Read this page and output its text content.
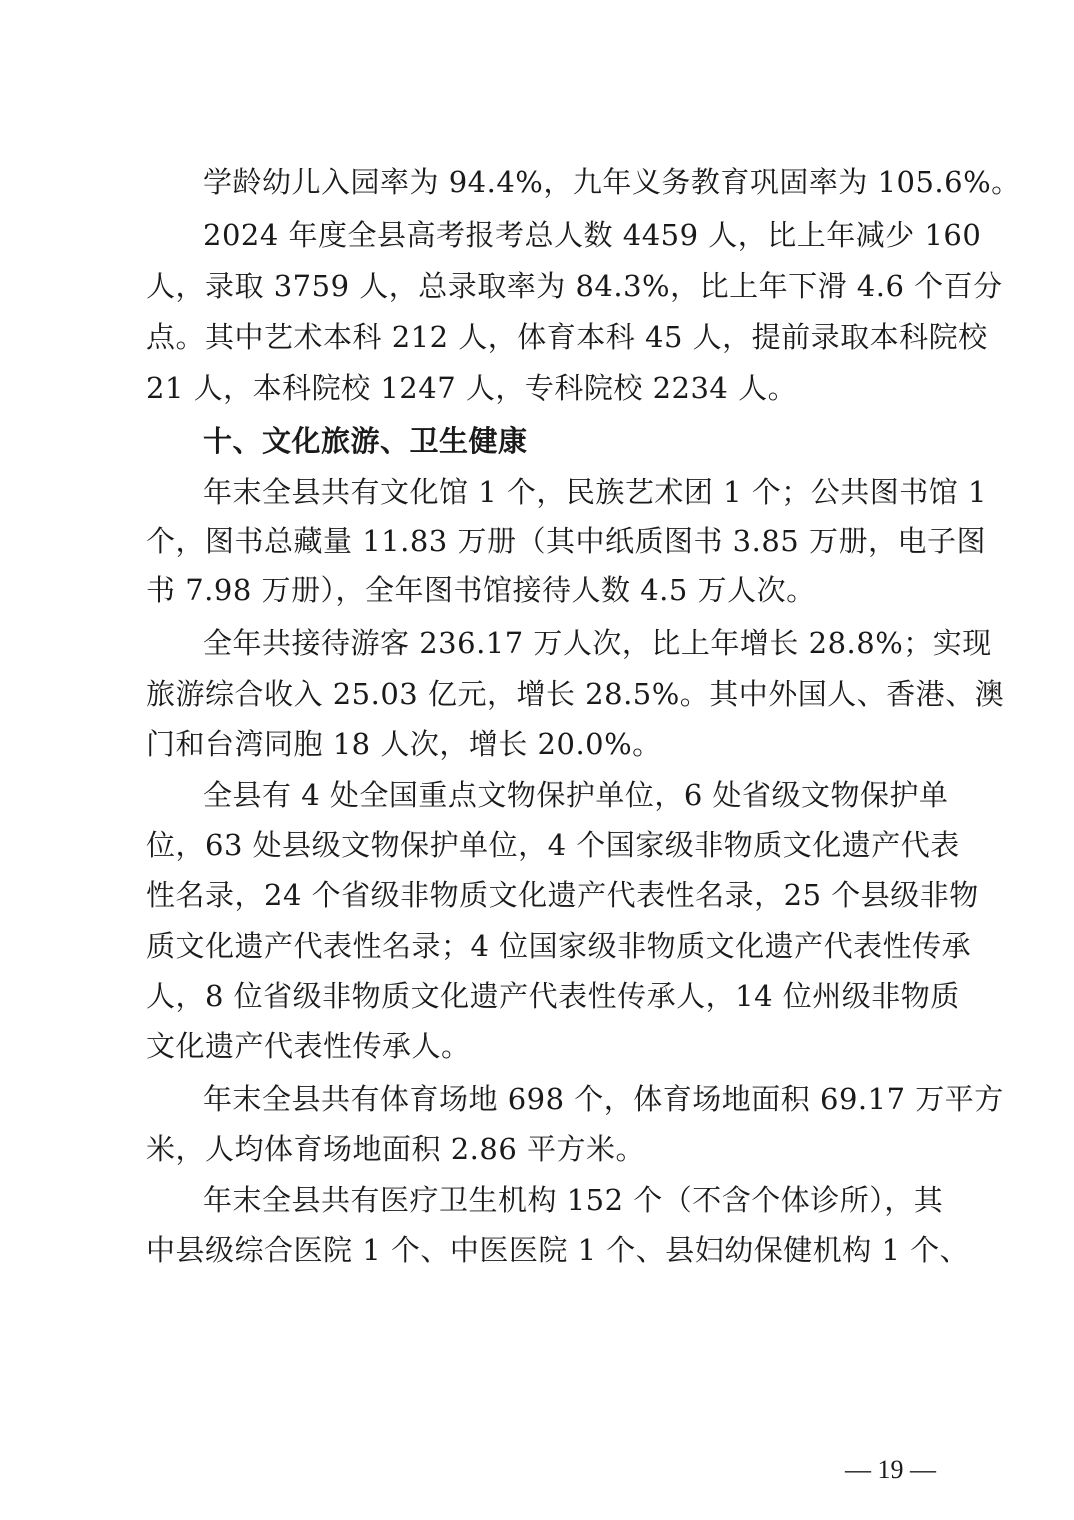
学龄幼儿入园率为 94.4%，九年义务教育巩固率为 105.6%。
2024 年度全县高考报考总人数 4459 人，比上年减少 160
人，录取 3759 人，总录取率为 84.3%，比上年下滑 4.6 个百分
点。其中艺术本科 212 人，体育本科 45 人，提前录取本科院校
21 人，本科院校 1247 人，专科院校 2234 人。
十、文化旅游、卫生健康
年末全县共有文化馆 1 个，民族艺术团 1 个；公共图书馆 1
个，图书总藏量 11.83 万册（其中纸质图书 3.85 万册，电子图
书 7.98 万册），全年图书馆接待人数 4.5 万人次。
全年共接待游客 236.17 万人次，比上年增长 28.8%；实现
旅游综合收入 25.03 亿元，增长 28.5%。其中外国人、香港、澳
门和台湾同胞 18 人次，增长 20.0%。
全县有 4 处全国重点文物保护单位，6 处省级文物保护单
位，63 处县级文物保护单位，4 个国家级非物质文化遗产代表
性名录，24 个省级非物质文化遗产代表性名录，25 个县级非物
质文化遗产代表性名录；4 位国家级非物质文化遗产代表性传承
人，8 位省级非物质文化遗产代表性传承人，14 位州级非物质
文化遗产代表性传承人。
年末全县共有体育场地 698 个，体育场地面积 69.17 万平方
米，人均体育场地面积 2.86 平方米。
年末全县共有医疗卫生机构 152 个（不含个体诊所），其
中县级综合医院 1 个、中医医院 1 个、县妇幼保健机构 1 个、
— 19 —
